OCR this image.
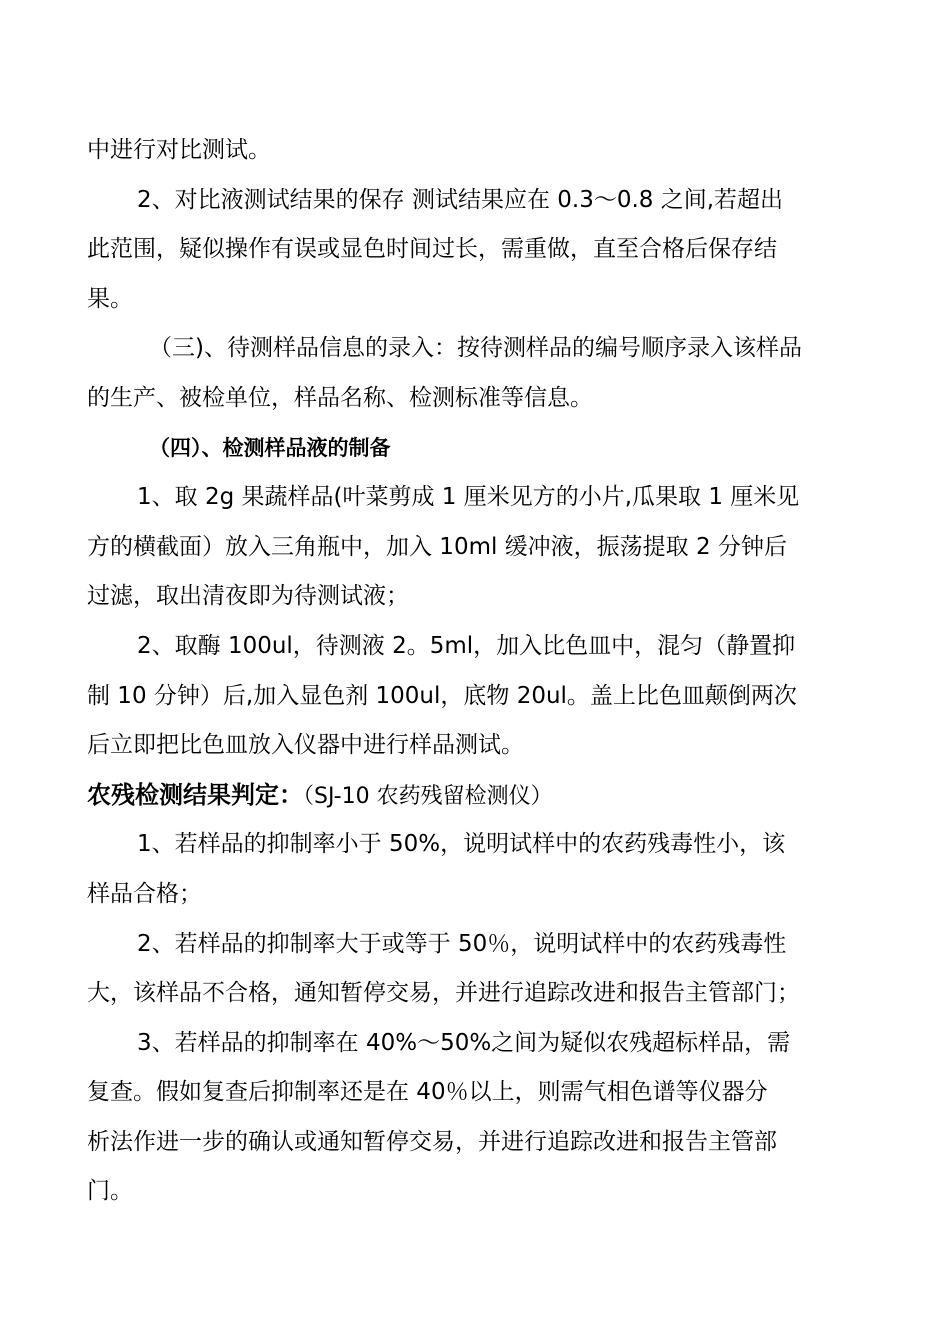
中进行对比测试。

2、对比液测试结果的保存 测试结果应在 0.3～0.8 之间,若超出

此范围，疑似操作有误或显色时间过长，需重做，直至合格后保存结

果。

（三)、待测样品信息的录入：按待测样品的编号顺序录入该样品

的生产、被检单位，样品名称、检测标准等信息。

（四）、检测样品液的制备

1、取 2g 果蔬样品(叶菜剪成 1 厘米见方的小片,瓜果取 1 厘米见

方的横截面）放入三角瓶中，加入 10ml 缓冲液，振荡提取 2 分钟后

过滤，取出清夜即为待测试液；

2、取酶 100ul，待测液 2。5ml，加入比色皿中，混匀（静置抑

制 10 分钟）后,加入显色剂 100ul，底物 20ul。盖上比色皿颠倒两次

后立即把比色皿放入仪器中进行样品测试。

农残检测结果判定：（SJ-10 农药残留检测仪）

1、若样品的抑制率小于 50%，说明试样中的农药残毒性小，该

样品合格；

2、若样品的抑制率大于或等于 50％，说明试样中的农药残毒性

大，该样品不合格，通知暂停交易，并进行追踪改进和报告主管部门；

3、若样品的抑制率在 40%～50%之间为疑似农残超标样品，需

复查。假如复查后抑制率还是在 40％以上，则需气相色谱等仪器分

析法作进一步的确认或通知暂停交易，并进行追踪改进和报告主管部

门。
